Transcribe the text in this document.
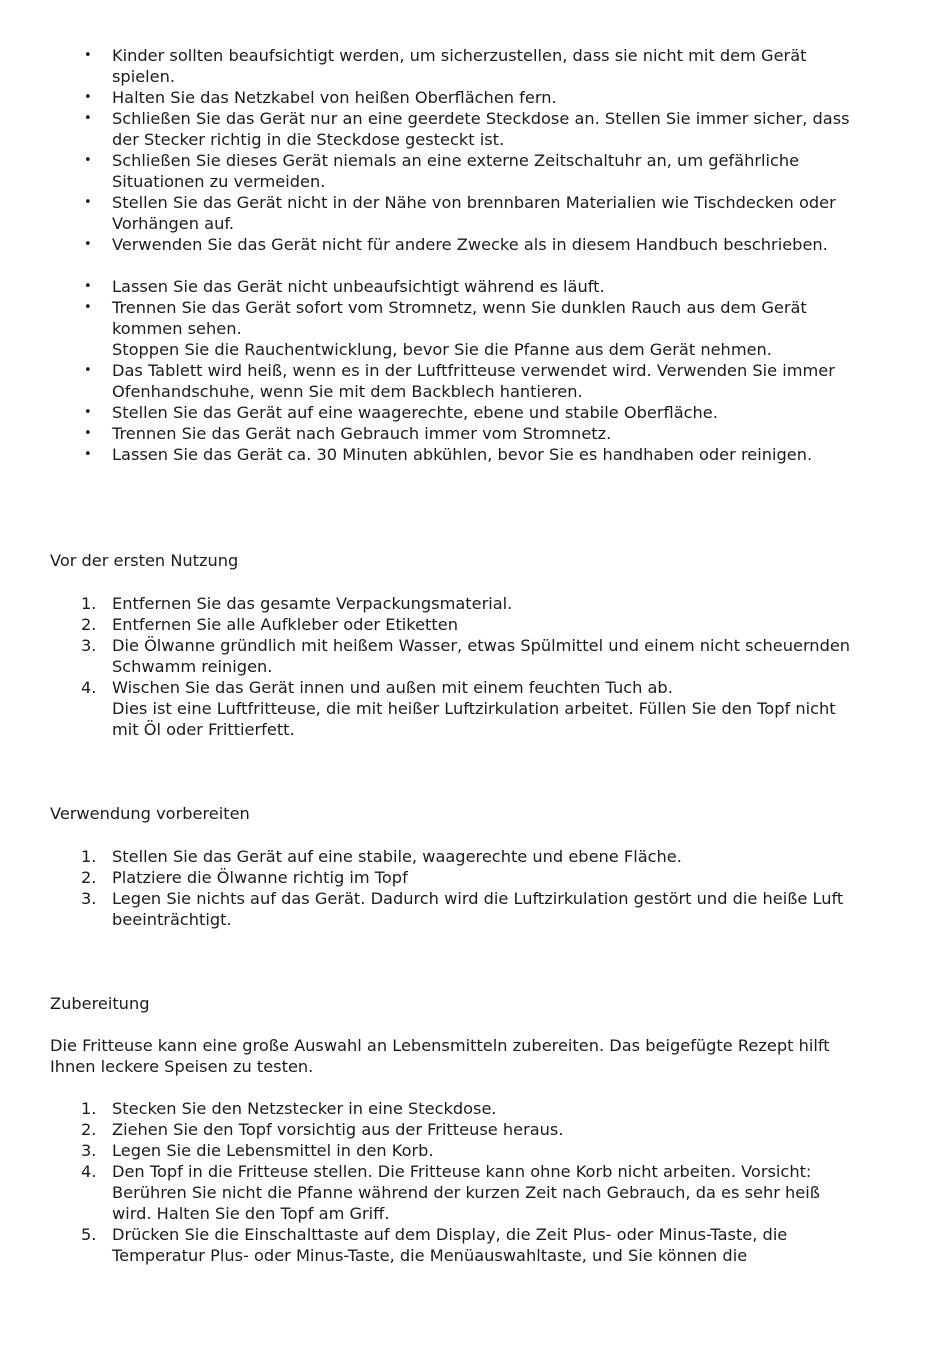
• Kinder sollten beaufsichtigt werden, um sicherzustellen, dass sie nicht mit dem Gerät spielen.
• Halten Sie das Netzkabel von heißen Oberflächen fern.
• Schließen Sie das Gerät nur an eine geerdete Steckdose an. Stellen Sie immer sicher, dass der Stecker richtig in die Steckdose gesteckt ist.
• Schließen Sie dieses Gerät niemals an eine externe Zeitschaltuhr an, um gefährliche Situationen zu vermeiden.
• Stellen Sie das Gerät nicht in der Nähe von brennbaren Materialien wie Tischdecken oder Vorhängen auf.
• Verwenden Sie das Gerät nicht für andere Zwecke als in diesem Handbuch beschrieben.
• Lassen Sie das Gerät nicht unbeaufsichtigt während es läuft.
• Trennen Sie das Gerät sofort vom Stromnetz, wenn Sie dunklen Rauch aus dem Gerät kommen sehen.
Stoppen Sie die Rauchentwicklung, bevor Sie die Pfanne aus dem Gerät nehmen.
• Das Tablett wird heiß, wenn es in der Luftfritteuse verwendet wird. Verwenden Sie immer Ofenhandschuhe, wenn Sie mit dem Backblech hantieren.
• Stellen Sie das Gerät auf eine waagerechte, ebene und stabile Oberfläche.
• Trennen Sie das Gerät nach Gebrauch immer vom Stromnetz.
• Lassen Sie das Gerät ca. 30 Minuten abkühlen, bevor Sie es handhaben oder reinigen.
Vor der ersten Nutzung
1. Entfernen Sie das gesamte Verpackungsmaterial.
2. Entfernen Sie alle Aufkleber oder Etiketten
3. Die Ölwanne gründlich mit heißem Wasser, etwas Spülmittel und einem nicht scheuernden Schwamm reinigen.
4. Wischen Sie das Gerät innen und außen mit einem feuchten Tuch ab.
Dies ist eine Luftfritteuse, die mit heißer Luftzirkulation arbeitet. Füllen Sie den Topf nicht mit Öl oder Frittierfett.
Verwendung vorbereiten
1. Stellen Sie das Gerät auf eine stabile, waagerechte und ebene Fläche.
2. Platziere die Ölwanne richtig im Topf
3. Legen Sie nichts auf das Gerät. Dadurch wird die Luftzirkulation gestört und die heiße Luft beeinträchtigt.
Zubereitung
Die Fritteuse kann eine große Auswahl an Lebensmitteln zubereiten. Das beigefügte Rezept hilft Ihnen leckere Speisen zu testen.
1. Stecken Sie den Netzstecker in eine Steckdose.
2. Ziehen Sie den Topf vorsichtig aus der Fritteuse heraus.
3. Legen Sie die Lebensmittel in den Korb.
4. Den Topf in die Fritteuse stellen. Die Fritteuse kann ohne Korb nicht arbeiten. Vorsicht: Berühren Sie nicht die Pfanne während der kurzen Zeit nach Gebrauch, da es sehr heiß wird. Halten Sie den Topf am Griff.
5. Drücken Sie die Einschalttaste auf dem Display, die Zeit Plus- oder Minus-Taste, die Temperatur Plus- oder Minus-Taste, die Menüauswahltaste, und Sie können die
